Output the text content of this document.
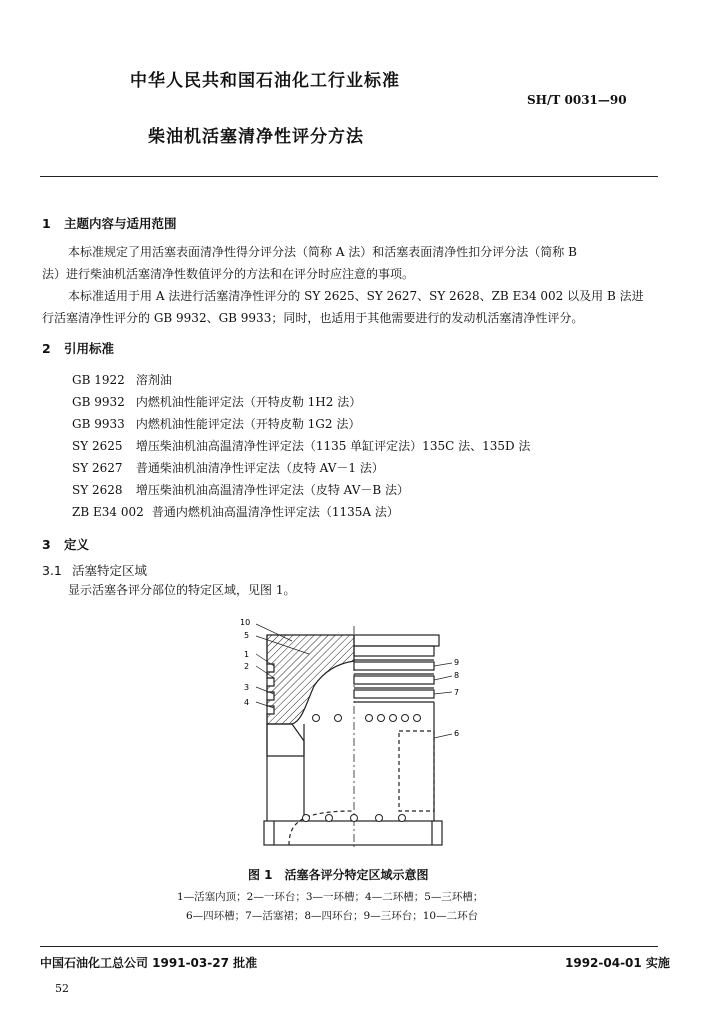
中华人民共和国石油化工行业标准
SH/T 0031—90
柴油机活塞清净性评分方法
1 主题内容与适用范围
本标准规定了用活塞表面清净性得分评分法（简称 A 法）和活塞表面清净性扣分评分法（简称 B
法）进行柴油机活塞清净性数值评分的方法和在评分时应注意的事项。
本标准适用于用 A 法进行活塞清净性评分的 SY 2625、SY 2627、SY 2628、ZB E34 002 以及用 B 法进
行活塞清净性评分的 GB 9932、GB 9933；同时，也适用于其他需要进行的发动机活塞清净性评分。
2 引用标准
GB 1922 溶剂油
GB 9932 内燃机油性能评定法（开特皮勒 1H2 法）
GB 9933 内燃机油性能评定法（开特皮勒 1G2 法）
SY 2625 增压柴油机油高温清净性评定法（1135 单缸评定法）135C 法、135D 法
SY 2627 普通柴油机油清净性评定法（皮特 AV－1 法）
SY 2628 增压柴油机油高温清净性评定法（皮特 AV－B 法）
ZB E34 002 普通内燃机油高温清净性评定法（1135A 法）
3 定义
3.1 活塞特定区域
显示活塞各评分部位的特定区域，见图 1。
10
5
1
2
3
4
9
8
7
6
图 1　活塞各评分特定区域示意图
1—活塞内顶；2—一环台；3—一环槽；4—二环槽；5—三环槽；
6—四环槽；7—活塞裙；8—四环台；9—三环台；10—二环台
中国石油化工总公司 1991-03-27 批准	1992-04-01 实施
52
